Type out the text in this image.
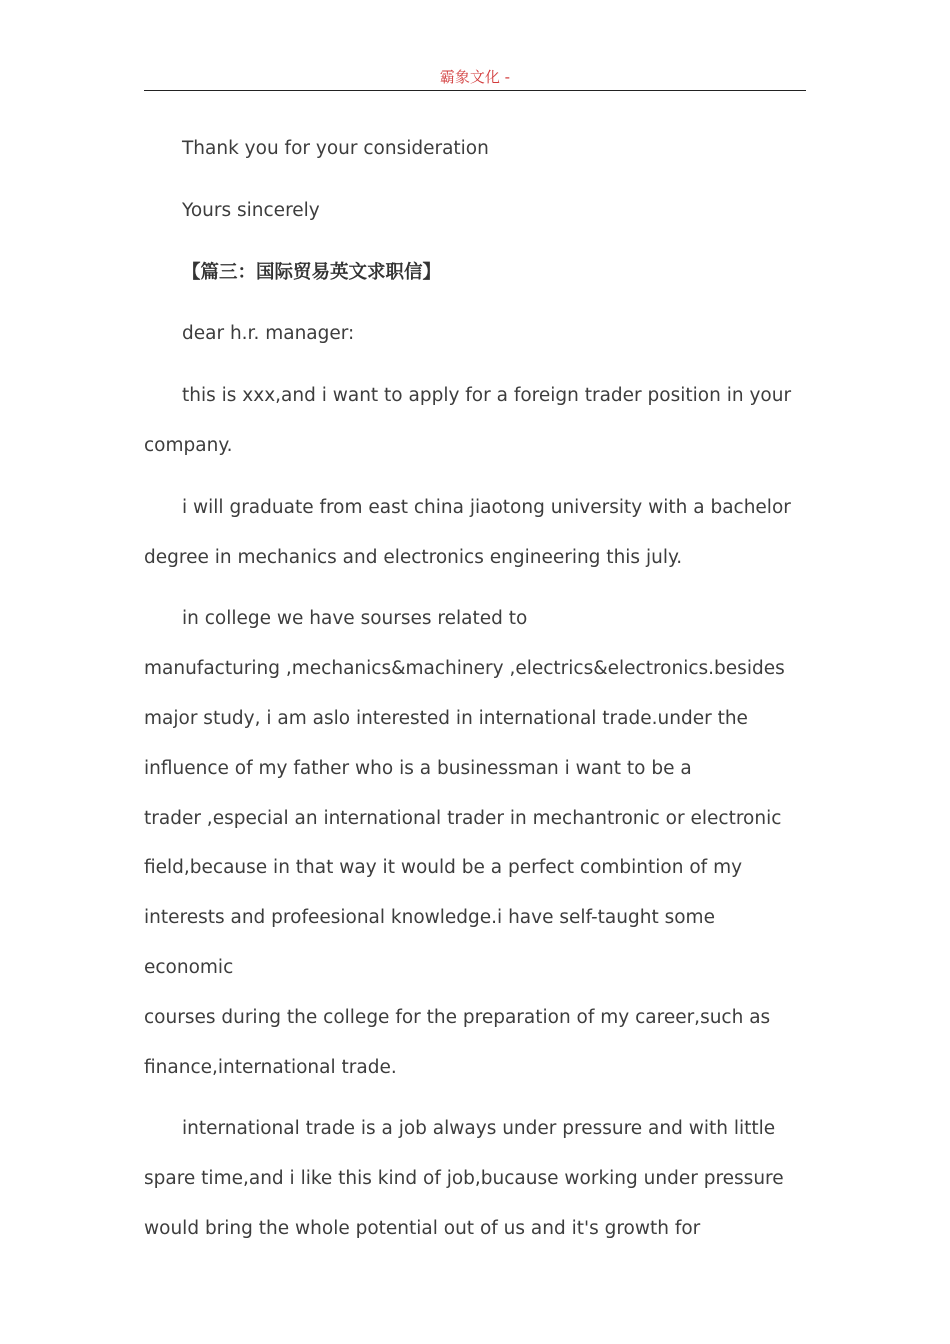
霸象文化 -

Thank you for your consideration

Yours sincerely

【篇三：国际贸易英文求职信】

dear h.r. manager:

this is xxx,and i want to apply for a foreign trader position in your
company.

i will graduate from east china jiaotong university with a bachelor
degree in mechanics and electronics engineering this july.

in college we have sourses related to
manufacturing ,mechanics&machinery ,electrics&electronics.besides
major study, i am aslo interested in international trade.under the
influence of my father who is a businessman i want to be a
trader ,especial an international trader in mechantronic or electronic
field,because in that way it would be a perfect combintion of my
interests and profeesional knowledge.i have self-taught some economic
courses during the college for the preparation of my career,such as
finance,international trade.

international trade is a job always under pressure and with little
spare time,and i like this kind of job,bucause working under pressure
would bring the whole potential out of us and it's growth for
